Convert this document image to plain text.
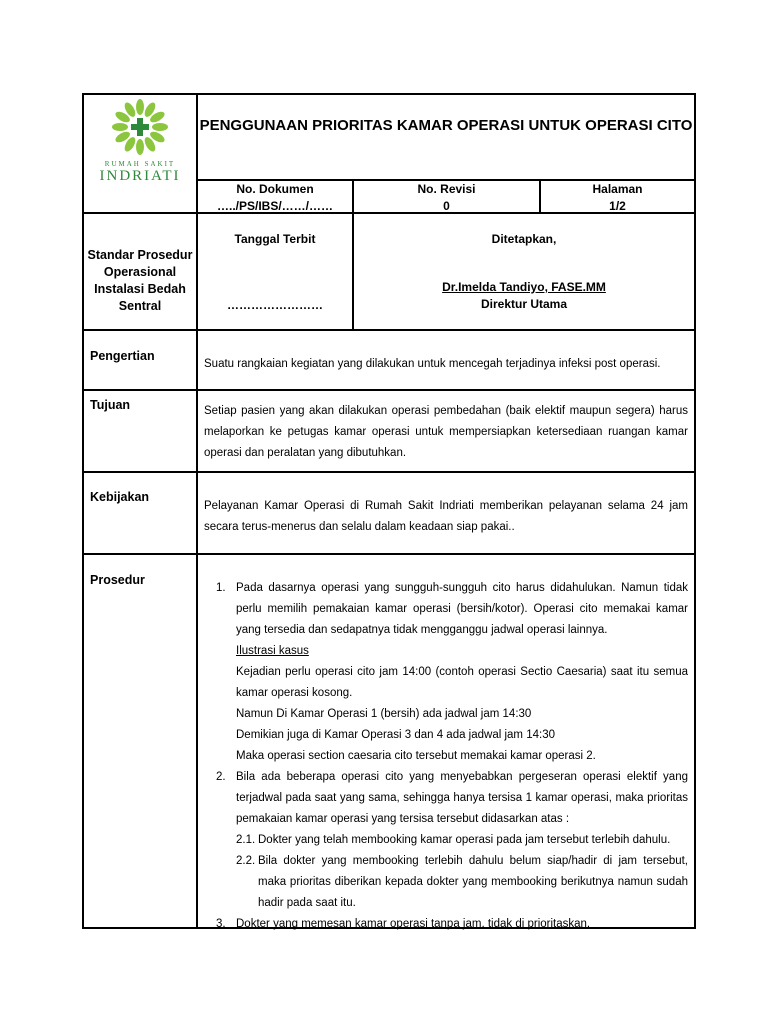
RUMAH SAKIT
INDRIATI
PENGGUNAAN PRIORITAS KAMAR OPERASI UNTUK OPERASI CITO
No. Dokumen
…../PS/IBS/……/……
No. Revisi
0
Halaman
1/2
Standar Prosedur Operasional Instalasi Bedah Sentral
Tanggal Terbit
……………………
Ditetapkan,
Dr.Imelda Tandiyo, FASE.MM
Direktur Utama
Pengertian
Suatu rangkaian kegiatan yang dilakukan untuk mencegah terjadinya infeksi post operasi.
Tujuan	Setiap pasien yang akan dilakukan operasi pembedahan (baik elektif maupun segera) harus melaporkan ke petugas kamar operasi untuk mempersiapkan ketersediaan ruangan kamar operasi dan peralatan yang dibutuhkan.
Kebijakan
Pelayanan Kamar Operasi di Rumah Sakit Indriati memberikan pelayanan selama 24 jam secara terus-menerus dan selalu dalam keadaan siap pakai..
Prosedur
1. Pada dasarnya operasi yang sungguh-sungguh cito harus didahulukan. Namun tidak perlu memilih pemakaian kamar operasi (bersih/kotor). Operasi cito memakai kamar yang tersedia dan sedapatnya tidak mengganggu jadwal operasi lainnya.
Ilustrasi kasus
Kejadian perlu operasi cito jam 14:00 (contoh operasi Sectio Caesaria) saat itu semua kamar operasi kosong.
Namun Di Kamar Operasi 1 (bersih) ada jadwal jam 14:30
Demikian juga di Kamar Operasi 3 dan 4 ada jadwal jam 14:30
Maka operasi section caesaria cito tersebut memakai kamar operasi 2.
2. Bila ada beberapa operasi cito yang menyebabkan pergeseran operasi elektif yang terjadwal pada saat yang sama, sehingga hanya tersisa 1 kamar operasi, maka prioritas pemakaian kamar operasi yang tersisa tersebut didasarkan atas :
2.1. Dokter yang telah membooking kamar operasi pada jam tersebut terlebih dahulu.
2.2. Bila dokter yang membooking terlebih dahulu belum siap/hadir di jam tersebut, maka prioritas diberikan kepada dokter yang membooking berikutnya namun sudah hadir pada saat itu.
3. Dokter yang memesan kamar operasi tanpa jam, tidak di prioritaskan.
